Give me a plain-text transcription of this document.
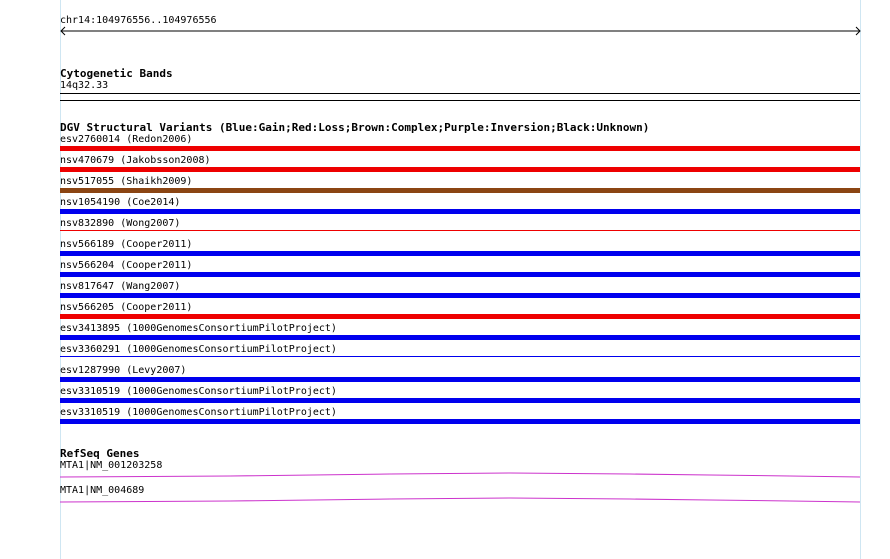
chr14:104976556..104976556
Cytogenetic Bands
14q32.33
DGV Structural Variants (Blue:Gain;Red:Loss;Brown:Complex;Purple:Inversion;Black:Unknown)
esv2760014 (Redon2006)
nsv470679 (Jakobsson2008)
nsv517055 (Shaikh2009)
nsv1054190 (Coe2014)
nsv832890 (Wong2007)
nsv566189 (Cooper2011)
nsv566204 (Cooper2011)
nsv817647 (Wang2007)
nsv566205 (Cooper2011)
esv3413895 (1000GenomesConsortiumPilotProject)
esv3360291 (1000GenomesConsortiumPilotProject)
esv1287990 (Levy2007)
esv3310519 (1000GenomesConsortiumPilotProject)
esv3310519 (1000GenomesConsortiumPilotProject)
RefSeq Genes
MTA1|NM_001203258
MTA1|NM_004689
